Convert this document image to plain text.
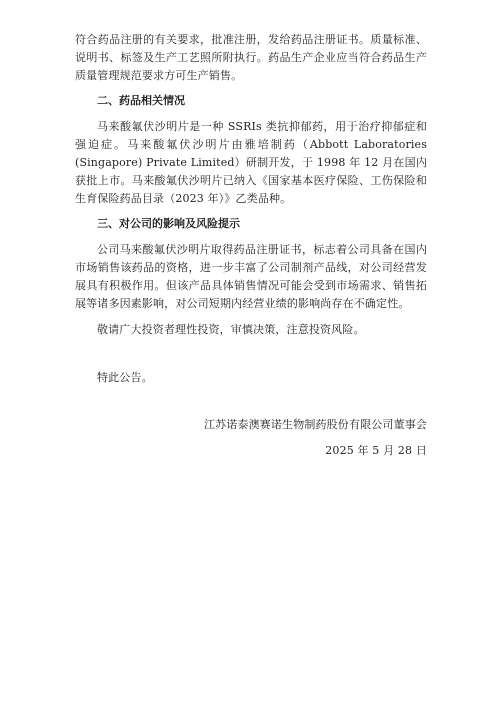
符合药品注册的有关要求，批准注册，发给药品注册证书。质量标准、说明书、标签及生产工艺照所附执行。药品生产企业应当符合药品生产质量管理规范要求方可生产销售。

二、药品相关情况

马来酸氟伏沙明片是一种 SSRIs 类抗抑郁药，用于治疗抑郁症和强迫症。马来酸氟伏沙明片由雅培制药（Abbott Laboratories (Singapore) Private Limited）研制开发，于 1998 年 12 月在国内获批上市。马来酸氟伏沙明片已纳入《国家基本医疗保险、工伤保险和生育保险药品目录（2023 年）》乙类品种。

三、对公司的影响及风险提示

公司马来酸氟伏沙明片取得药品注册证书，标志着公司具备在国内市场销售该药品的资格，进一步丰富了公司制剂产品线，对公司经营发展具有积极作用。但该产品具体销售情况可能会受到市场需求、销售拓展等诸多因素影响，对公司短期内经营业绩的影响尚存在不确定性。

敬请广大投资者理性投资，审慎决策，注意投资风险。

特此公告。

江苏诺泰澳赛诺生物制药股份有限公司董事会

2025 年 5 月 28 日
